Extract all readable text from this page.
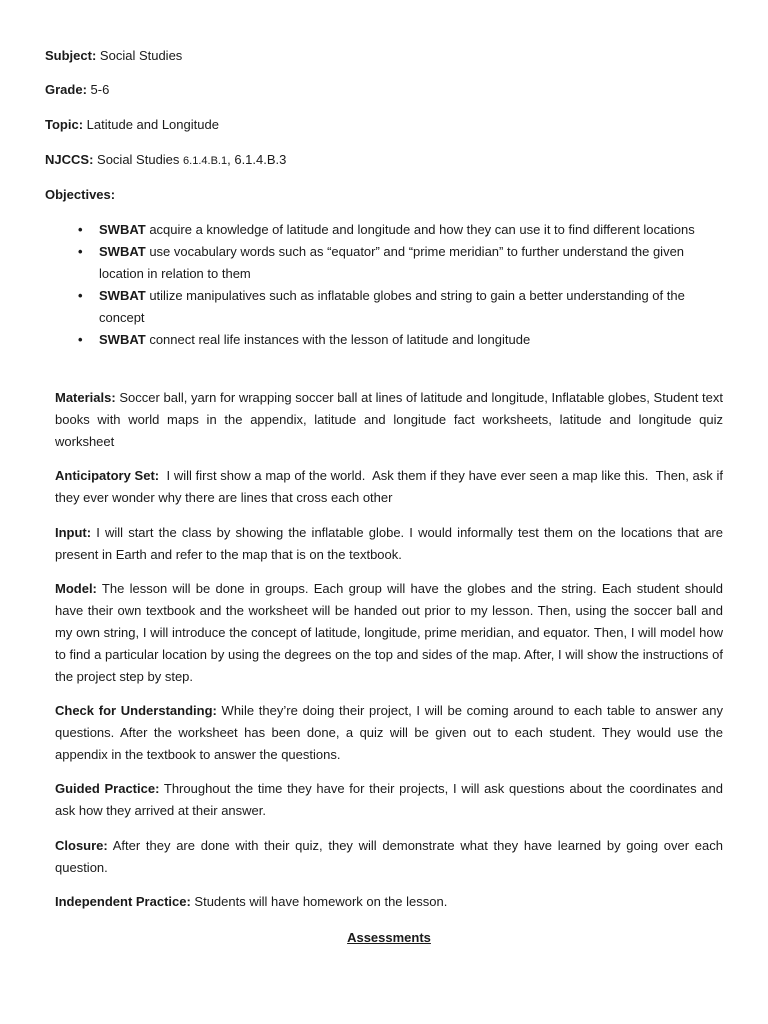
Subject: Social Studies

Grade: 5-6

Topic: Latitude and Longitude

NJCCS: Social Studies 6.1.4.B.1, 6.1.4.B.3

Objectives:

• SWBAT acquire a knowledge of latitude and longitude and how they can use it to find different locations
• SWBAT use vocabulary words such as “equator” and “prime meridian” to further understand the given location in relation to them
• SWBAT utilize manipulatives such as inflatable globes and string to gain a better understanding of the concept
• SWBAT connect real life instances with the lesson of latitude and longitude

Materials: Soccer ball, yarn for wrapping soccer ball at lines of latitude and longitude, Inflatable globes, Student text books with world maps in the appendix, latitude and longitude fact worksheets, latitude and longitude quiz worksheet

Anticipatory Set:  I will first show a map of the world.  Ask them if they have ever seen a map like this.  Then, ask if they ever wonder why there are lines that cross each other

Input: I will start the class by showing the inflatable globe. I would informally test them on the locations that are present in Earth and refer to the map that is on the textbook.

Model: The lesson will be done in groups. Each group will have the globes and the string. Each student should have their own textbook and the worksheet will be handed out prior to my lesson. Then, using the soccer ball and my own string, I will introduce the concept of latitude, longitude, prime meridian, and equator. Then, I will model how to find a particular location by using the degrees on the top and sides of the map. After, I will show the instructions of the project step by step.

Check for Understanding: While they’re doing their project, I will be coming around to each table to answer any questions. After the worksheet has been done, a quiz will be given out to each student. They would use the appendix in the textbook to answer the questions.

Guided Practice: Throughout the time they have for their projects, I will ask questions about the coordinates and ask how they arrived at their answer.

Closure: After they are done with their quiz, they will demonstrate what they have learned by going over each question.

Independent Practice: Students will have homework on the lesson.

Assessments
